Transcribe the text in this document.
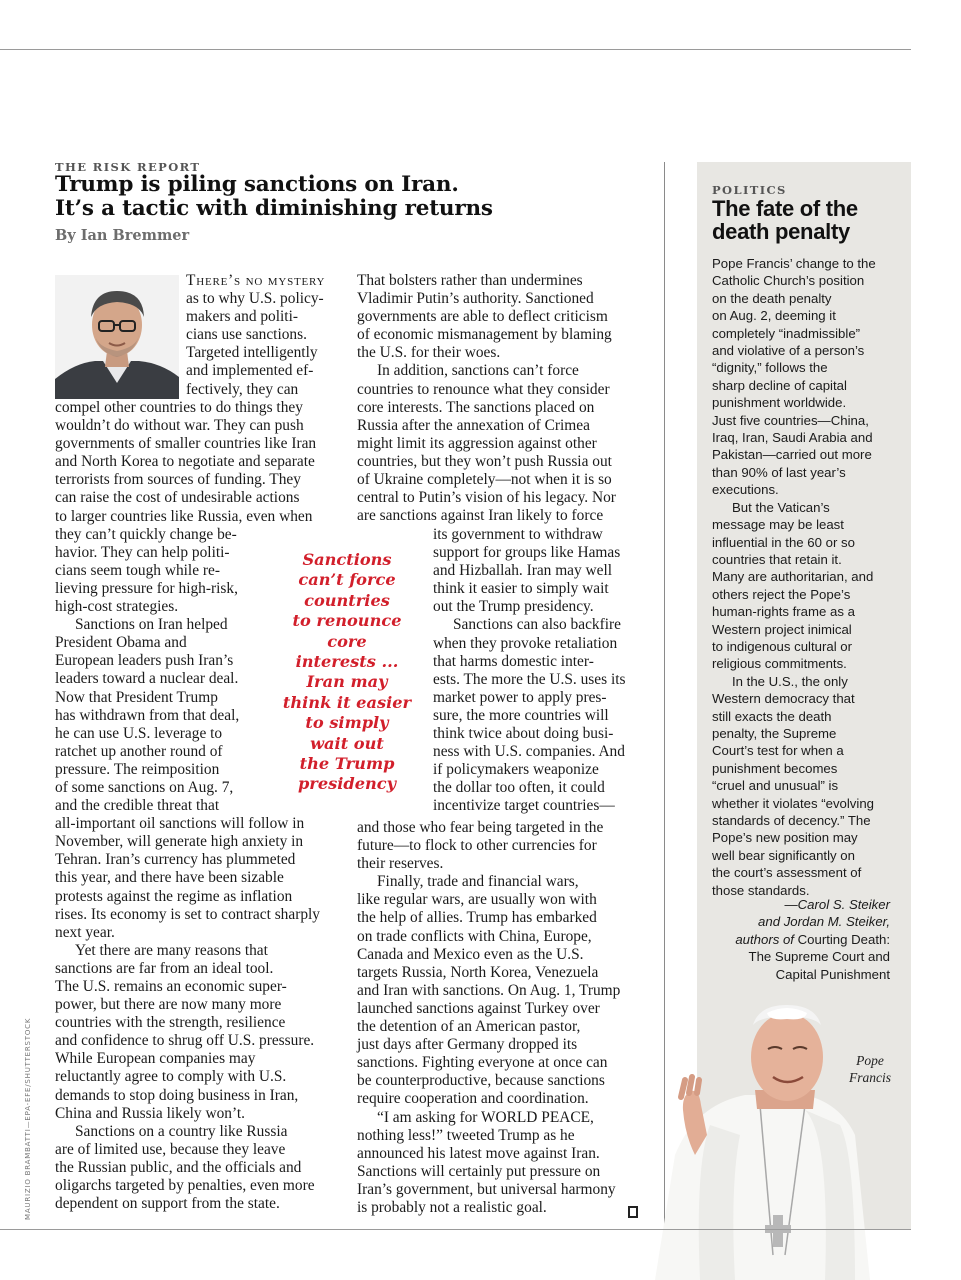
THE RISK REPORT
Trump is piling sanctions on Iran.
It’s a tactic with diminishing returns
By Ian Bremmer
There’s no mystery
as to why U.S. policy-
makers and politi-
cians use sanctions.
Targeted intelligently
and implemented ef-
fectively, they can

compel other countries to do things they
wouldn’t do without war. They can push
governments of smaller countries like Iran
and North Korea to negotiate and separate
terrorists from sources of funding. They
can raise the cost of undesirable actions
to larger countries like Russia, even when
they can’t quickly change be-
havior. They can help politi-
cians seem tough while re-
lieving pressure for high-risk,
high-cost strategies.

Sanctions on Iran helped
President Obama and
European leaders push Iran’s
leaders toward a nuclear deal.
Now that President Trump
has withdrawn from that deal,
he can use U.S. leverage to
ratchet up another round of
pressure. The reimposition
of some sanctions on Aug. 7,
and the credible threat that
all-important oil sanctions will follow in
November, will generate high anxiety in
Tehran. Iran’s currency has plummeted
this year, and there have been sizable
protests against the regime as inflation
rises. Its economy is set to contract sharply
next year.

Yet there are many reasons that
sanctions are far from an ideal tool.
The U.S. remains an economic super-
power, but there are now many more
countries with the strength, resilience
and confidence to shrug off U.S. pressure.
While European companies may
reluctantly agree to comply with U.S.
demands to stop doing business in Iran,
China and Russia likely won’t.

Sanctions on a country like Russia
are of limited use, because they leave
the Russian public, and the officials and
oligarchs targeted by penalties, even more
dependent on support from the state.

That bolsters rather than undermines
Vladimir Putin’s authority. Sanctioned
governments are able to deflect criticism
of economic mismanagement by blaming
the U.S. for their woes.
In addition, sanctions can’t force
countries to renounce what they consider
core interests. The sanctions placed on
Russia after the annexation of Crimea
might limit its aggression against other
countries, but they won’t push Russia out
of Ukraine completely—not when it is so
central to Putin’s vision of his legacy. Nor
are sanctions against Iran likely to force
its government to withdraw
support for groups like Hamas
and Hizballah. Iran may well
think it easier to simply wait
out the Trump presidency.
Sanctions can also backfire
when they provoke retaliation
that harms domestic inter-
ests. The more the U.S. uses its
market power to apply pres-
sure, the more countries will
think twice about doing busi-
ness with U.S. companies. And
if policymakers weaponize
the dollar too often, it could
incentivize target countries—
and those who fear being targeted in the
future—to flock to other currencies for
their reserves.
Finally, trade and financial wars,
like regular wars, are usually won with
the help of allies. Trump has embarked
on trade conflicts with China, Europe,
Canada and Mexico even as the U.S.
targets Russia, North Korea, Venezuela
and Iran with sanctions. On Aug. 1, Trump
launched sanctions against Turkey over
the detention of an American pastor,
just days after Germany dropped its
sanctions. Fighting everyone at once can
be counterproductive, because sanctions
require cooperation and coordination.
“I am asking for WORLD PEACE,
nothing less!” tweeted Trump as he
announced his latest move against Iran.
Sanctions will certainly put pressure on
Iran’s government, but universal harmony
is probably not a realistic goal.
Sanctions
can’t force
countries
to renounce
core
interests ...
Iran may
think it easier
to simply
wait out
the Trump
presidency
MAURIZIO BRAMBATTI—EPA-EFE/SHUTTERSTOCK
POLITICS
The fate of the
death penalty

Pope Francis’ change to the
Catholic Church’s position
on the death penalty
on Aug. 2, deeming it
completely “inadmissible”
and violative of a person’s
“dignity,” follows the
sharp decline of capital
punishment worldwide.
Just five countries—China,
Iraq, Iran, Saudi Arabia and
Pakistan—carried out more
than 90% of last year’s
executions.

But the Vatican’s
message may be least
influential in the 60 or so
countries that retain it.
Many are authoritarian, and
others reject the Pope’s
human-rights frame as a
Western project inimical
to indigenous cultural or
religious commitments.

In the U.S., the only
Western democracy that
still exacts the death
penalty, the Supreme
Court’s test for when a
punishment becomes
“cruel and unusual” is
whether it violates “evolving
standards of decency.” The
Pope’s new position may
well bear significantly on
the court’s assessment of
those standards.

—Carol S. Steiker
and Jordan M. Steiker,
authors of Courting Death:
The Supreme Court and
Capital Punishment
Pope
Francis
